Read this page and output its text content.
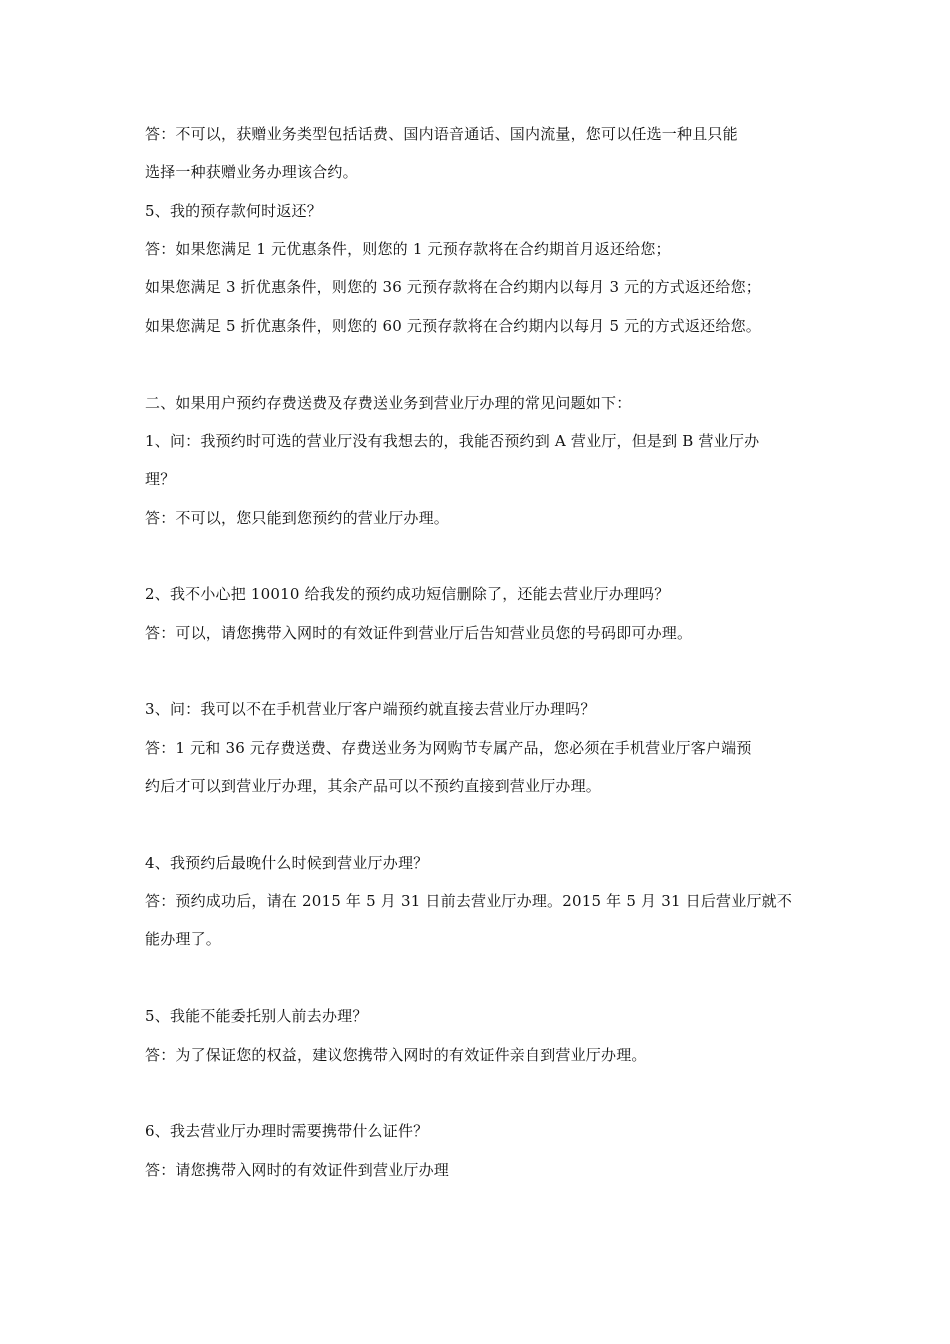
答：不可以，获赠业务类型包括话费、国内语音通话、国内流量，您可以任选一种且只能
选择一种获赠业务办理该合约。
5、我的预存款何时返还？
答：如果您满足 1 元优惠条件，则您的 1 元预存款将在合约期首月返还给您；
如果您满足 3 折优惠条件，则您的 36 元预存款将在合约期内以每月 3 元的方式返还给您；
如果您满足 5 折优惠条件，则您的 60 元预存款将在合约期内以每月 5 元的方式返还给您。
二、如果用户预约存费送费及存费送业务到营业厅办理的常见问题如下：
1、问：我预约时可选的营业厅没有我想去的，我能否预约到 A 营业厅，但是到 B 营业厅办
理？
答：不可以，您只能到您预约的营业厅办理。
2、我不小心把 10010 给我发的预约成功短信删除了，还能去营业厅办理吗？
答：可以，请您携带入网时的有效证件到营业厅后告知营业员您的号码即可办理。
3、问：我可以不在手机营业厅客户端预约就直接去营业厅办理吗？
答：1 元和 36 元存费送费、存费送业务为网购节专属产品，您必须在手机营业厅客户端预
约后才可以到营业厅办理，其余产品可以不预约直接到营业厅办理。
4、我预约后最晚什么时候到营业厅办理？
答：预约成功后，请在 2015 年 5 月 31 日前去营业厅办理。2015 年 5 月 31 日后营业厅就不
能办理了。
5、我能不能委托别人前去办理？
答：为了保证您的权益，建议您携带入网时的有效证件亲自到营业厅办理。
6、我去营业厅办理时需要携带什么证件？
答：请您携带入网时的有效证件到营业厅办理
